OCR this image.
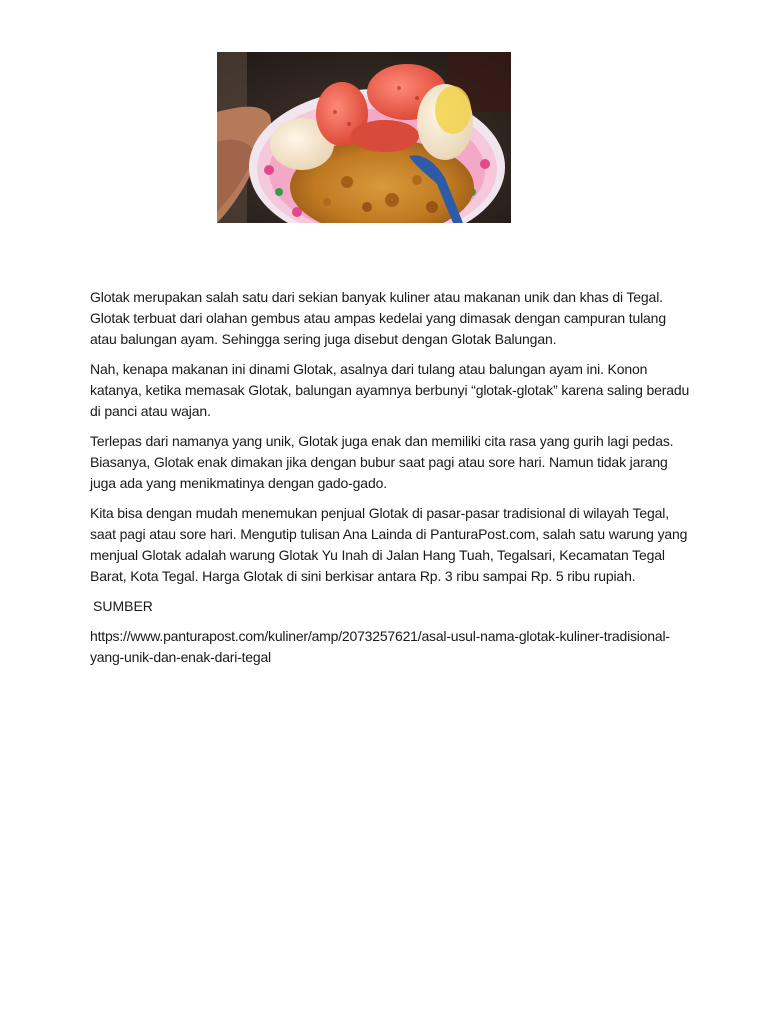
Glotak merupakan salah satu dari sekian banyak kuliner atau makanan unik dan khas di Tegal. Glotak terbuat dari olahan gembus atau ampas kedelai yang dimasak dengan campuran tulang atau balungan ayam. Sehingga sering juga disebut dengan Glotak Balungan.

Nah, kenapa makanan ini dinami Glotak, asalnya dari tulang atau balungan ayam ini. Konon katanya, ketika memasak Glotak, balungan ayamnya berbunyi “glotak-glotak” karena saling beradu di panci atau wajan.

Terlepas dari namanya yang unik, Glotak juga enak dan memiliki cita rasa yang gurih lagi pedas. Biasanya, Glotak enak dimakan jika dengan bubur saat pagi atau sore hari. Namun tidak jarang juga ada yang menikmatinya dengan gado-gado.

Kita bisa dengan mudah menemukan penjual Glotak di pasar-pasar tradisional di wilayah Tegal, saat pagi atau sore hari. Mengutip tulisan Ana Lainda di PanturaPost.com, salah satu warung yang menjual Glotak adalah warung Glotak Yu Inah di Jalan Hang Tuah, Tegalsari, Kecamatan Tegal Barat, Kota Tegal. Harga Glotak di sini berkisar antara Rp. 3 ribu sampai Rp. 5 ribu rupiah.

SUMBER

https://www.panturapost.com/kuliner/amp/2073257621/asal-usul-nama-glotak-kuliner-tradisional-yang-unik-dan-enak-dari-tegal
